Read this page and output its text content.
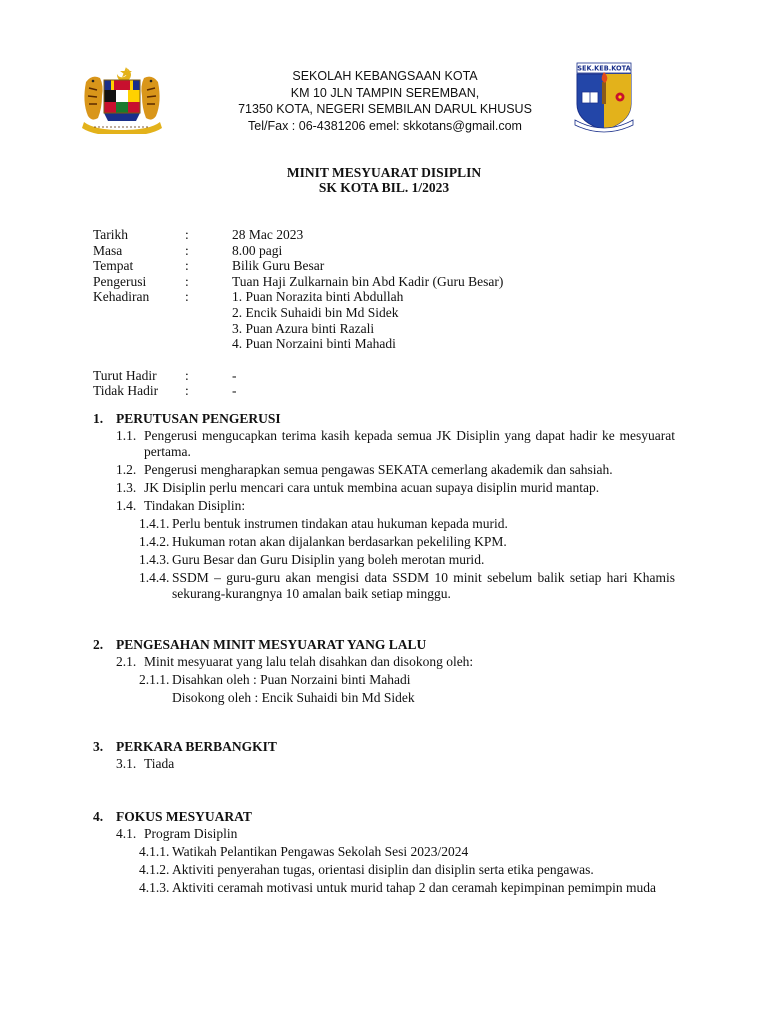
SEKOLAH KEBANGSAAN KOTA
KM 10 JLN TAMPIN SEREMBAN,
71350 KOTA, NEGERI SEMBILAN DARUL KHUSUS
Tel/Fax : 06-4381206 emel: skkotans@gmail.com
SEK.KEB.KOTA
MINIT MESYUARAT DISIPLIN
SK KOTA BIL. 1/2023
Tarikh	:	28 Mac 2023
Masa	:	8.00 pagi
Tempat	:	Bilik Guru Besar
Pengerusi	:	Tuan Haji Zulkarnain bin Abd Kadir (Guru Besar)
Kehadiran	:	1. Puan Norazita binti Abdullah
2. Encik Suhaidi bin Md Sidek
3. Puan Azura binti Razali
4. Puan Norzaini binti Mahadi
Turut Hadir :	-
Tidak Hadir :	-
1. PERUTUSAN PENGERUSI
1.1. Pengerusi mengucapkan terima kasih kepada semua JK Disiplin yang dapat hadir ke mesyuarat pertama.
1.2. Pengerusi mengharapkan semua pengawas SEKATA cemerlang akademik dan sahsiah.
1.3. JK Disiplin perlu mencari cara untuk membina acuan supaya disiplin murid mantap.
1.4. Tindakan Disiplin:
1.4.1. Perlu bentuk instrumen tindakan atau hukuman kepada murid.
1.4.2. Hukuman rotan akan dijalankan berdasarkan pekeliling KPM.
1.4.3. Guru Besar dan Guru Disiplin yang boleh merotan murid.
1.4.4. SSDM – guru-guru akan mengisi data SSDM 10 minit sebelum balik setiap hari Khamis sekurang-kurangnya 10 amalan baik setiap minggu.
2. PENGESAHAN MINIT MESYUARAT YANG LALU
2.1. Minit mesyuarat yang lalu telah disahkan dan disokong oleh:
2.1.1. Disahkan oleh : Puan Norzaini binti Mahadi
Disokong oleh : Encik Suhaidi bin Md Sidek
3. PERKARA BERBANGKIT
3.1. Tiada
4. FOKUS MESYUARAT
4.1. Program Disiplin
4.1.1. Watikah Pelantikan Pengawas Sekolah Sesi 2023/2024
4.1.2. Aktiviti penyerahan tugas, orientasi disiplin dan disiplin serta etika pengawas.
4.1.3. Aktiviti ceramah motivasi untuk murid tahap 2 dan ceramah kepimpinan pemimpin muda
